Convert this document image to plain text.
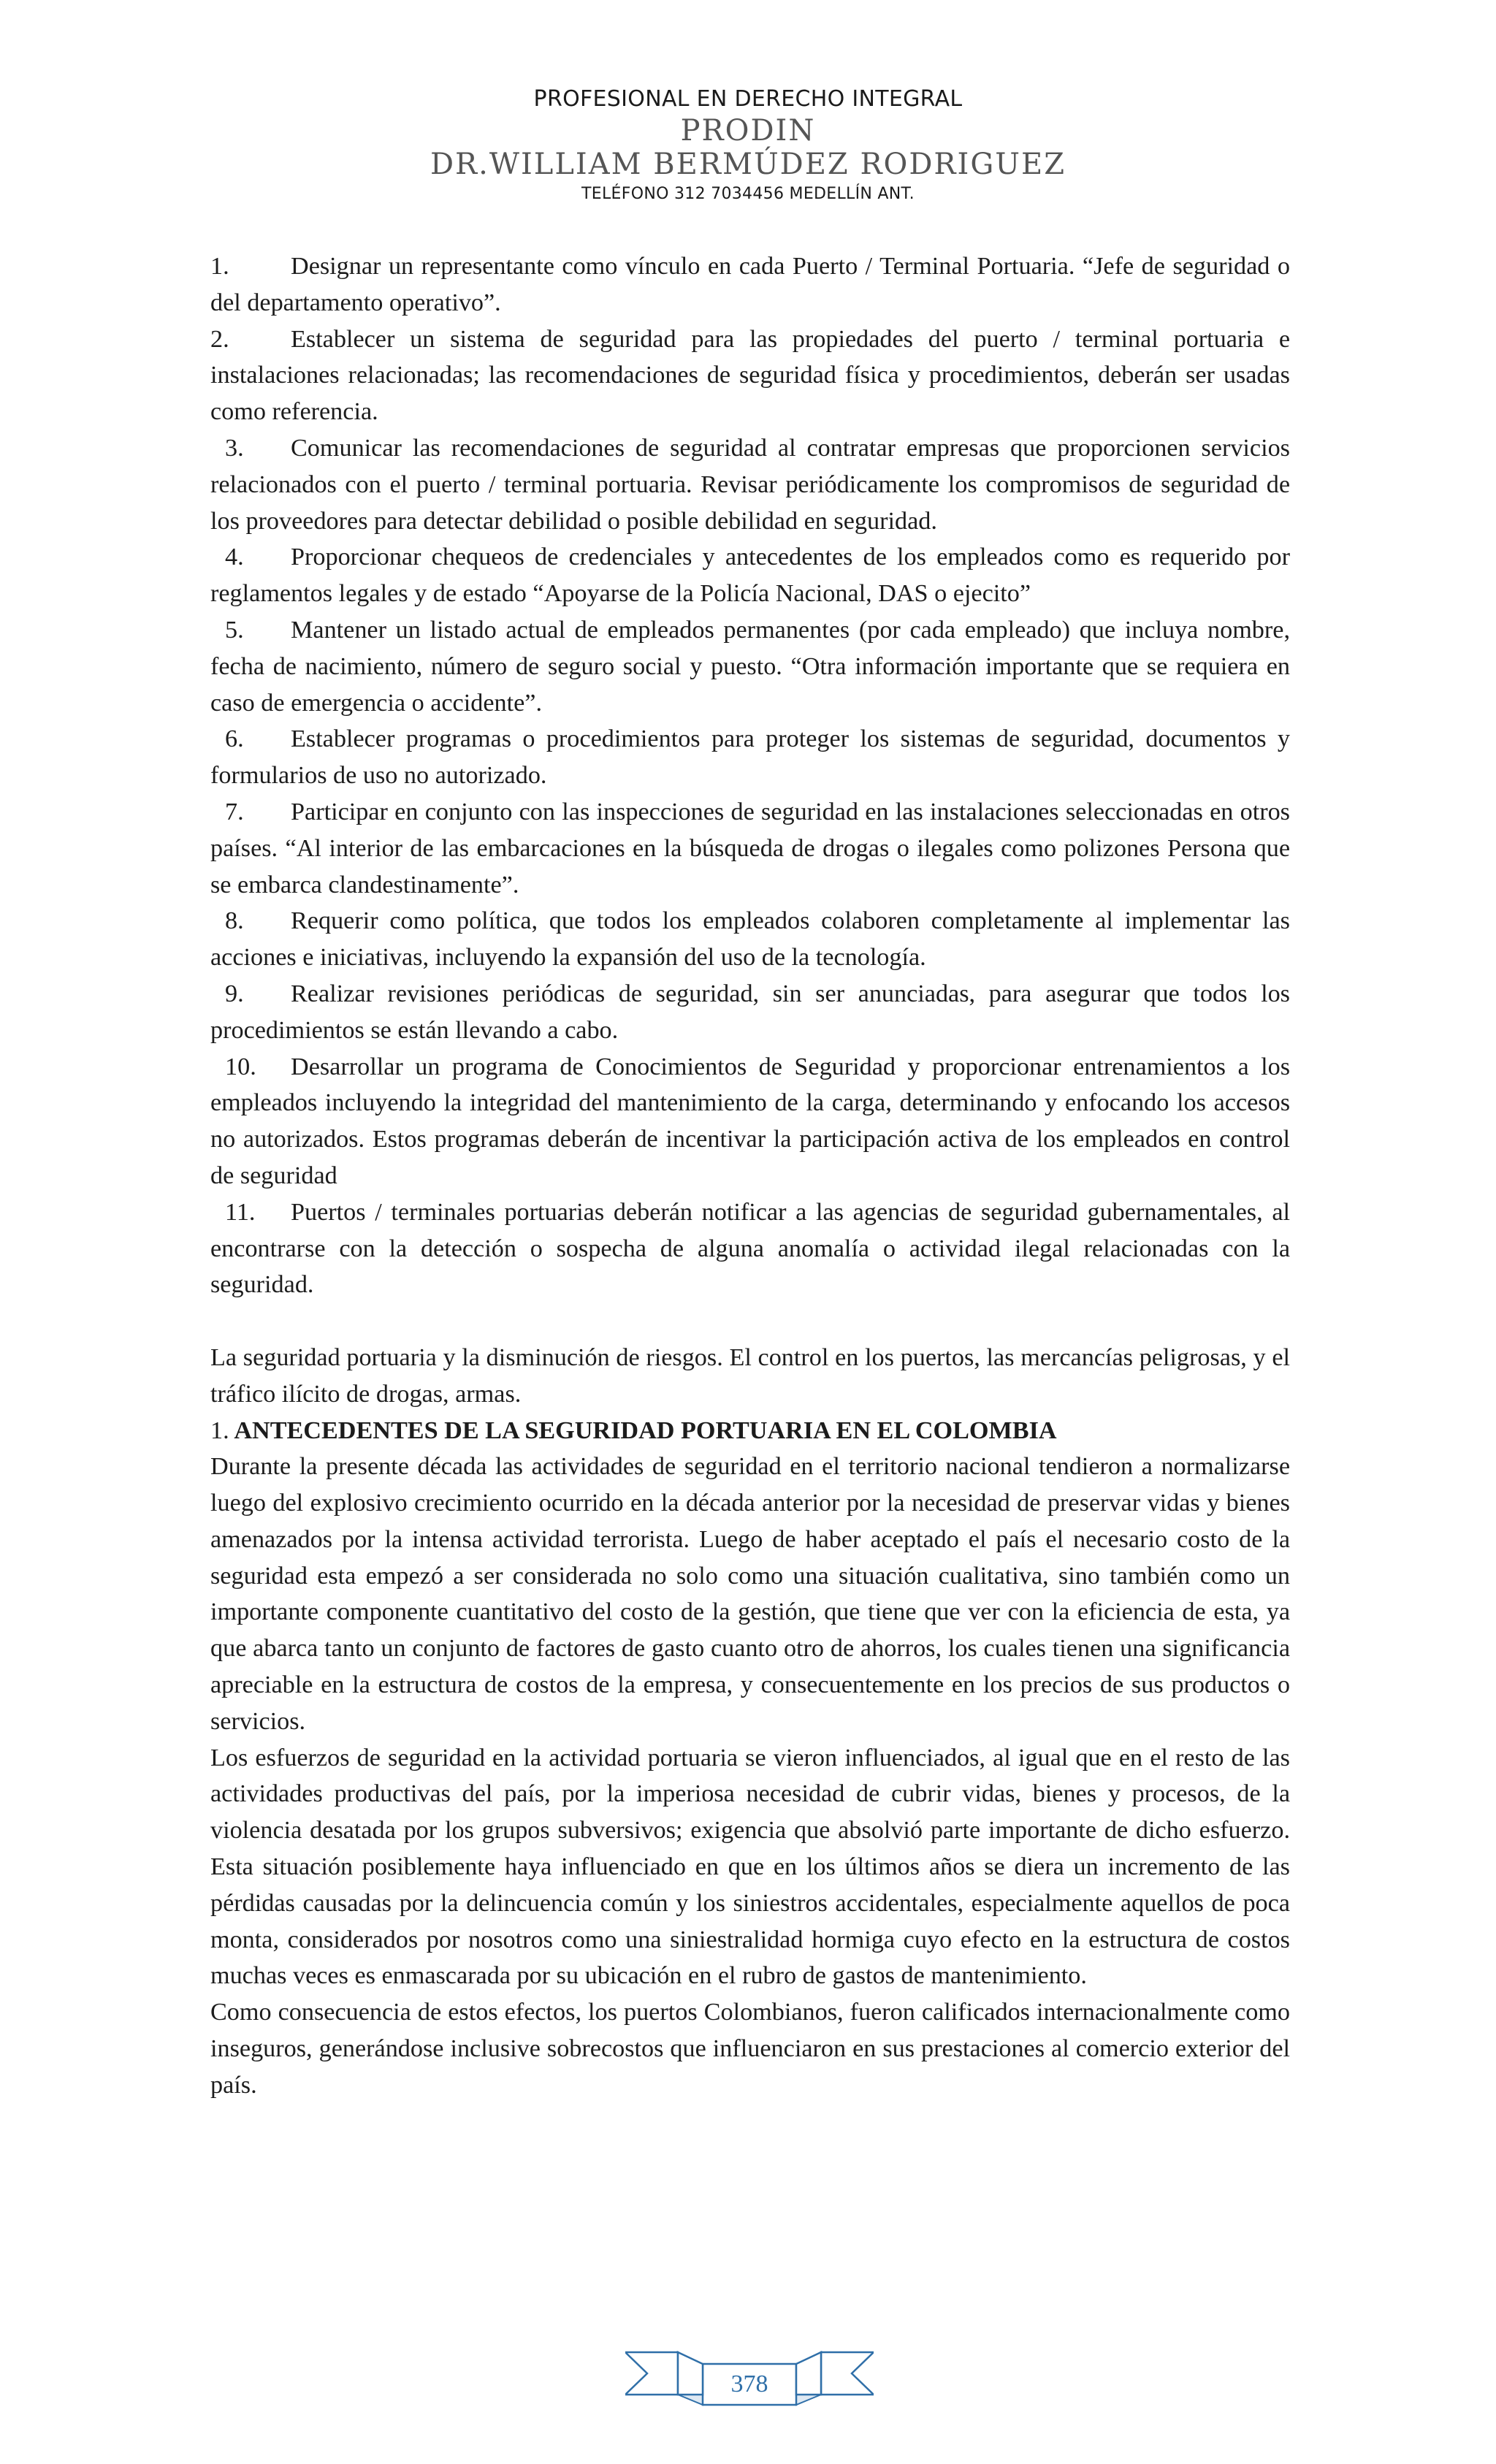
PROFESIONAL EN DERECHO INTEGRAL
PRODIN
DR.WILLIAM BERMÚDEZ RODRIGUEZ
TELÉFONO 312 7034456 MEDELLÍN ANT.

1. Designar un representante como vínculo en cada Puerto / Terminal Portuaria. “Jefe de seguridad o del departamento operativo”.

2. Establecer un sistema de seguridad para las propiedades del puerto / terminal portuaria e instalaciones relacionadas; las recomendaciones de seguridad física y procedimientos, deberán ser usadas como referencia.

3. Comunicar las recomendaciones de seguridad al contratar empresas que proporcionen servicios relacionados con el puerto / terminal portuaria. Revisar periódicamente los compromisos de seguridad de los proveedores para detectar debilidad o posible debilidad en seguridad.

4. Proporcionar chequeos de credenciales y antecedentes de los empleados como es requerido por reglamentos legales y de estado “Apoyarse de la Policía Nacional, DAS o ejecito”

5. Mantener un listado actual de empleados permanentes (por cada empleado) que incluya nombre, fecha de nacimiento, número de seguro social y puesto. “Otra información importante que se requiera en caso de emergencia o accidente”.

6. Establecer programas o procedimientos para proteger los sistemas de seguridad, documentos y formularios de uso no autorizado.

7. Participar en conjunto con las inspecciones de seguridad en las instalaciones seleccionadas en otros países. “Al interior de las embarcaciones en la búsqueda de drogas o ilegales como polizones Persona que se embarca clandestinamente”.

8. Requerir como política, que todos los empleados colaboren completamente al implementar las acciones e iniciativas, incluyendo la expansión del uso de la tecnología.

9. Realizar revisiones periódicas de seguridad, sin ser anunciadas, para asegurar que todos los procedimientos se están llevando a cabo.

10. Desarrollar un programa de Conocimientos de Seguridad y proporcionar entrenamientos a los empleados incluyendo la integridad del mantenimiento de la carga, determinando y enfocando los accesos no autorizados. Estos programas deberán de incentivar la participación activa de los empleados en control de seguridad

11. Puertos / terminales portuarias deberán notificar a las agencias de seguridad gubernamentales, al encontrarse con la detección o sospecha de alguna anomalía o actividad ilegal relacionadas con la seguridad.

La seguridad portuaria y la disminución de riesgos. El control en los puertos, las mercancías peligrosas, y el tráfico ilícito de drogas, armas.

1. ANTECEDENTES DE LA SEGURIDAD PORTUARIA EN EL COLOMBIA

Durante la presente década las actividades de seguridad en el territorio nacional tendieron a normalizarse luego del explosivo crecimiento ocurrido en la década anterior por la necesidad de preservar vidas y bienes amenazados por la intensa actividad terrorista. Luego de haber aceptado el país el necesario costo de la seguridad esta empezó a ser considerada no solo como una situación cualitativa, sino también como un importante componente cuantitativo del costo de la gestión, que tiene que ver con la eficiencia de esta, ya que abarca tanto un conjunto de factores de gasto cuanto otro de ahorros, los cuales tienen una significancia apreciable en la estructura de costos de la empresa, y consecuentemente en los precios de sus productos o servicios.

Los esfuerzos de seguridad en la actividad portuaria se vieron influenciados, al igual que en el resto de las actividades productivas del país, por la imperiosa necesidad de cubrir vidas, bienes y procesos, de la violencia desatada por los grupos subversivos; exigencia que absolvió parte importante de dicho esfuerzo. Esta situación posiblemente haya influenciado en que en los últimos años se diera un incremento de las pérdidas causadas por la delincuencia común y los siniestros accidentales, especialmente aquellos de poca monta, considerados por nosotros como una siniestralidad hormiga cuyo efecto en la estructura de costos muchas veces es enmascarada por su ubicación en el rubro de gastos de mantenimiento.

Como consecuencia de estos efectos, los puertos Colombianos, fueron calificados internacionalmente como inseguros, generándose inclusive sobrecostos que influenciaron en sus prestaciones al comercio exterior del país.

378
